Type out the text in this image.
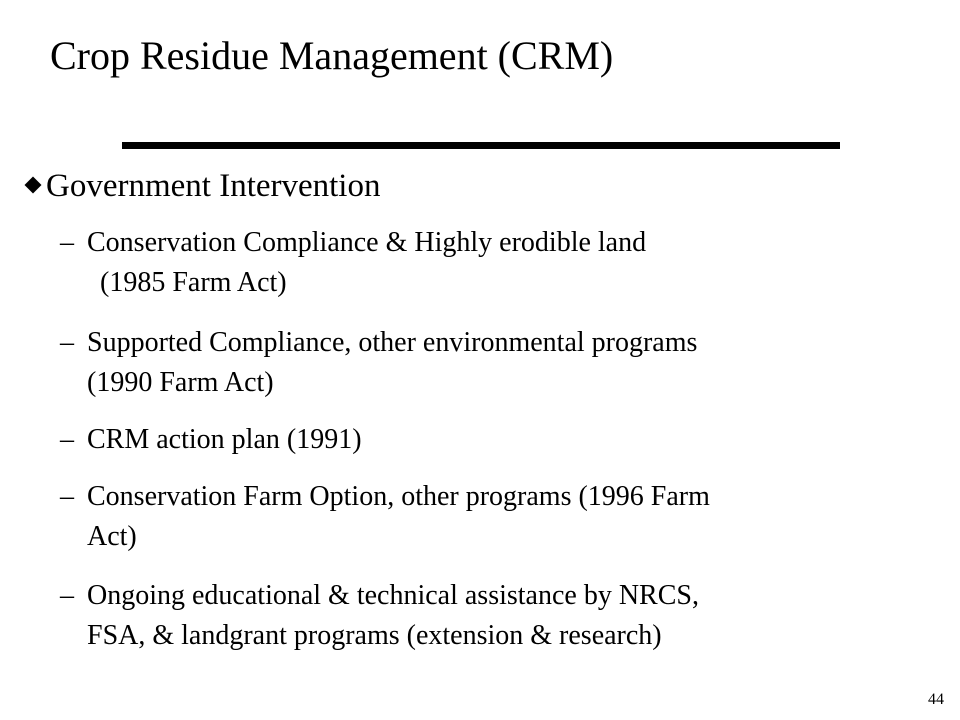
Crop Residue Management (CRM)
Government Intervention
– Conservation Compliance & Highly erodible land
(1985 Farm Act)
– Supported Compliance, other environmental programs
(1990 Farm Act)
– CRM action plan (1991)
– Conservation Farm Option, other programs (1996 Farm
Act)
– Ongoing educational & technical assistance by NRCS,
FSA, & landgrant programs (extension & research)
44
